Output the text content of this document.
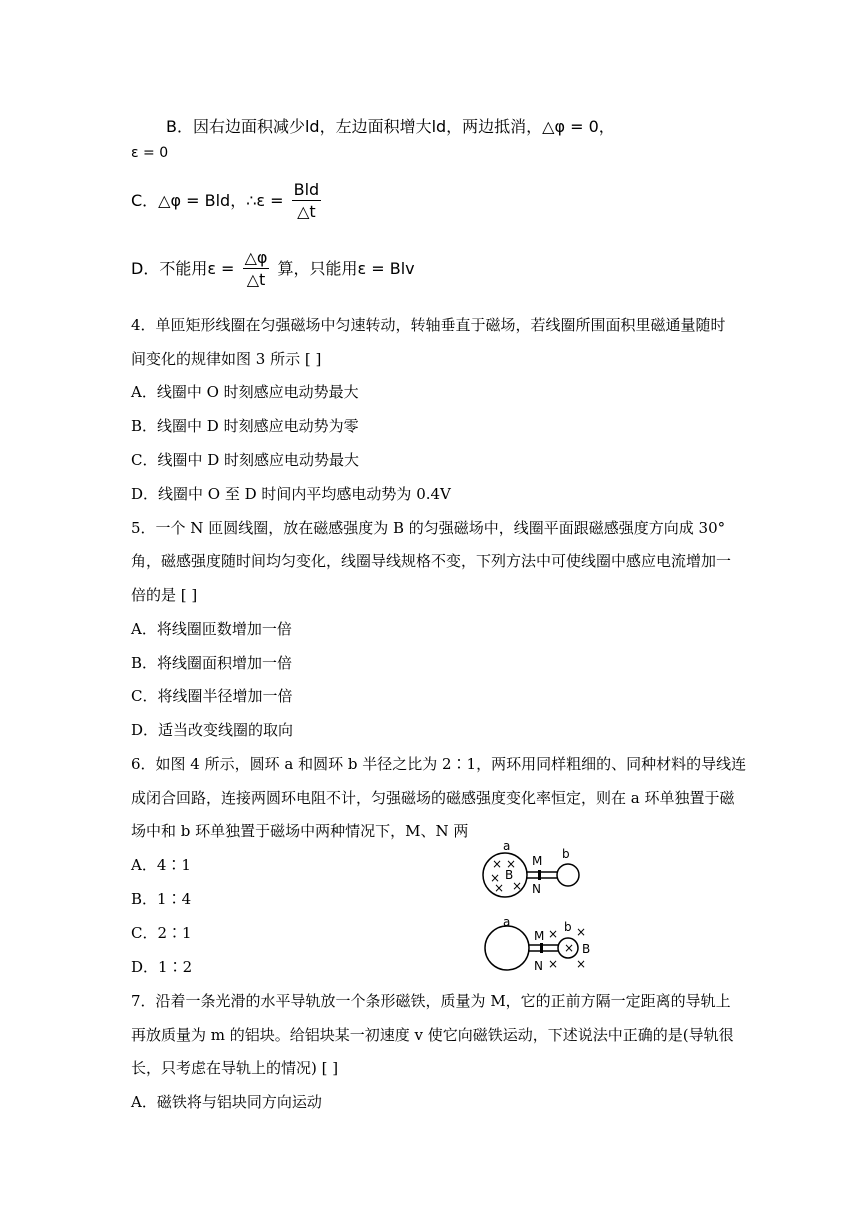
B．因右边面积减少ld，左边面积增大ld，两边抵消，△φ = 0，
ε = 0
C．△φ = Bld，∴ε = $\frac{\text{Bld}}{\triangle t}$
D．不能用$\varepsilon = \frac{\triangle\varphi}{\triangle t}$ 算，只能用ε = Blv
4．单匝矩形线圈在匀强磁场中匀速转动，转轴垂直于磁场，若线圈所围面积里磁通量随时
间变化的规律如图 3 所示 [ ]
A．线圈中 O 时刻感应电动势最大
B．线圈中 D 时刻感应电动势为零
C．线圈中 D 时刻感应电动势最大
D．线圈中 O 至 D 时间内平均感电动势为 0.4V
5．一个 N 匝圆线圈，放在磁感强度为 B 的匀强磁场中，线圈平面跟磁感强度方向成 30°
角，磁感强度随时间均匀变化，线圈导线规格不变，下列方法中可使线圈中感应电流增加一
倍的是 [ ]
A．将线圈匝数增加一倍
B．将线圈面积增加一倍
C．将线圈半径增加一倍
D．适当改变线圈的取向
6．如图 4 所示，圆环 a 和圆环 b 半径之比为 2∶1，两环用同样粗细的、同种材料的导线连
成闭合回路，连接两圆环电阻不计，匀强磁场的磁感强度变化率恒定，则在 a 环单独置于磁
场中和 b 环单独置于磁场中两种情况下，M、N 两
A．4∶1
B．1∶4
C．2∶1
D．1∶2
a
M
N
b
B
× ×
×
× ×
a
M
N
b
B
× ×
×
× ×
7．沿着一条光滑的水平导轨放一个条形磁铁，质量为 M，它的正前方隔一定距离的导轨上
再放质量为 m 的铝块。给铝块某一初速度 v 使它向磁铁运动，下述说法中正确的是(导轨很
长，只考虑在导轨上的情况) [ ]
A．磁铁将与铝块同方向运动
